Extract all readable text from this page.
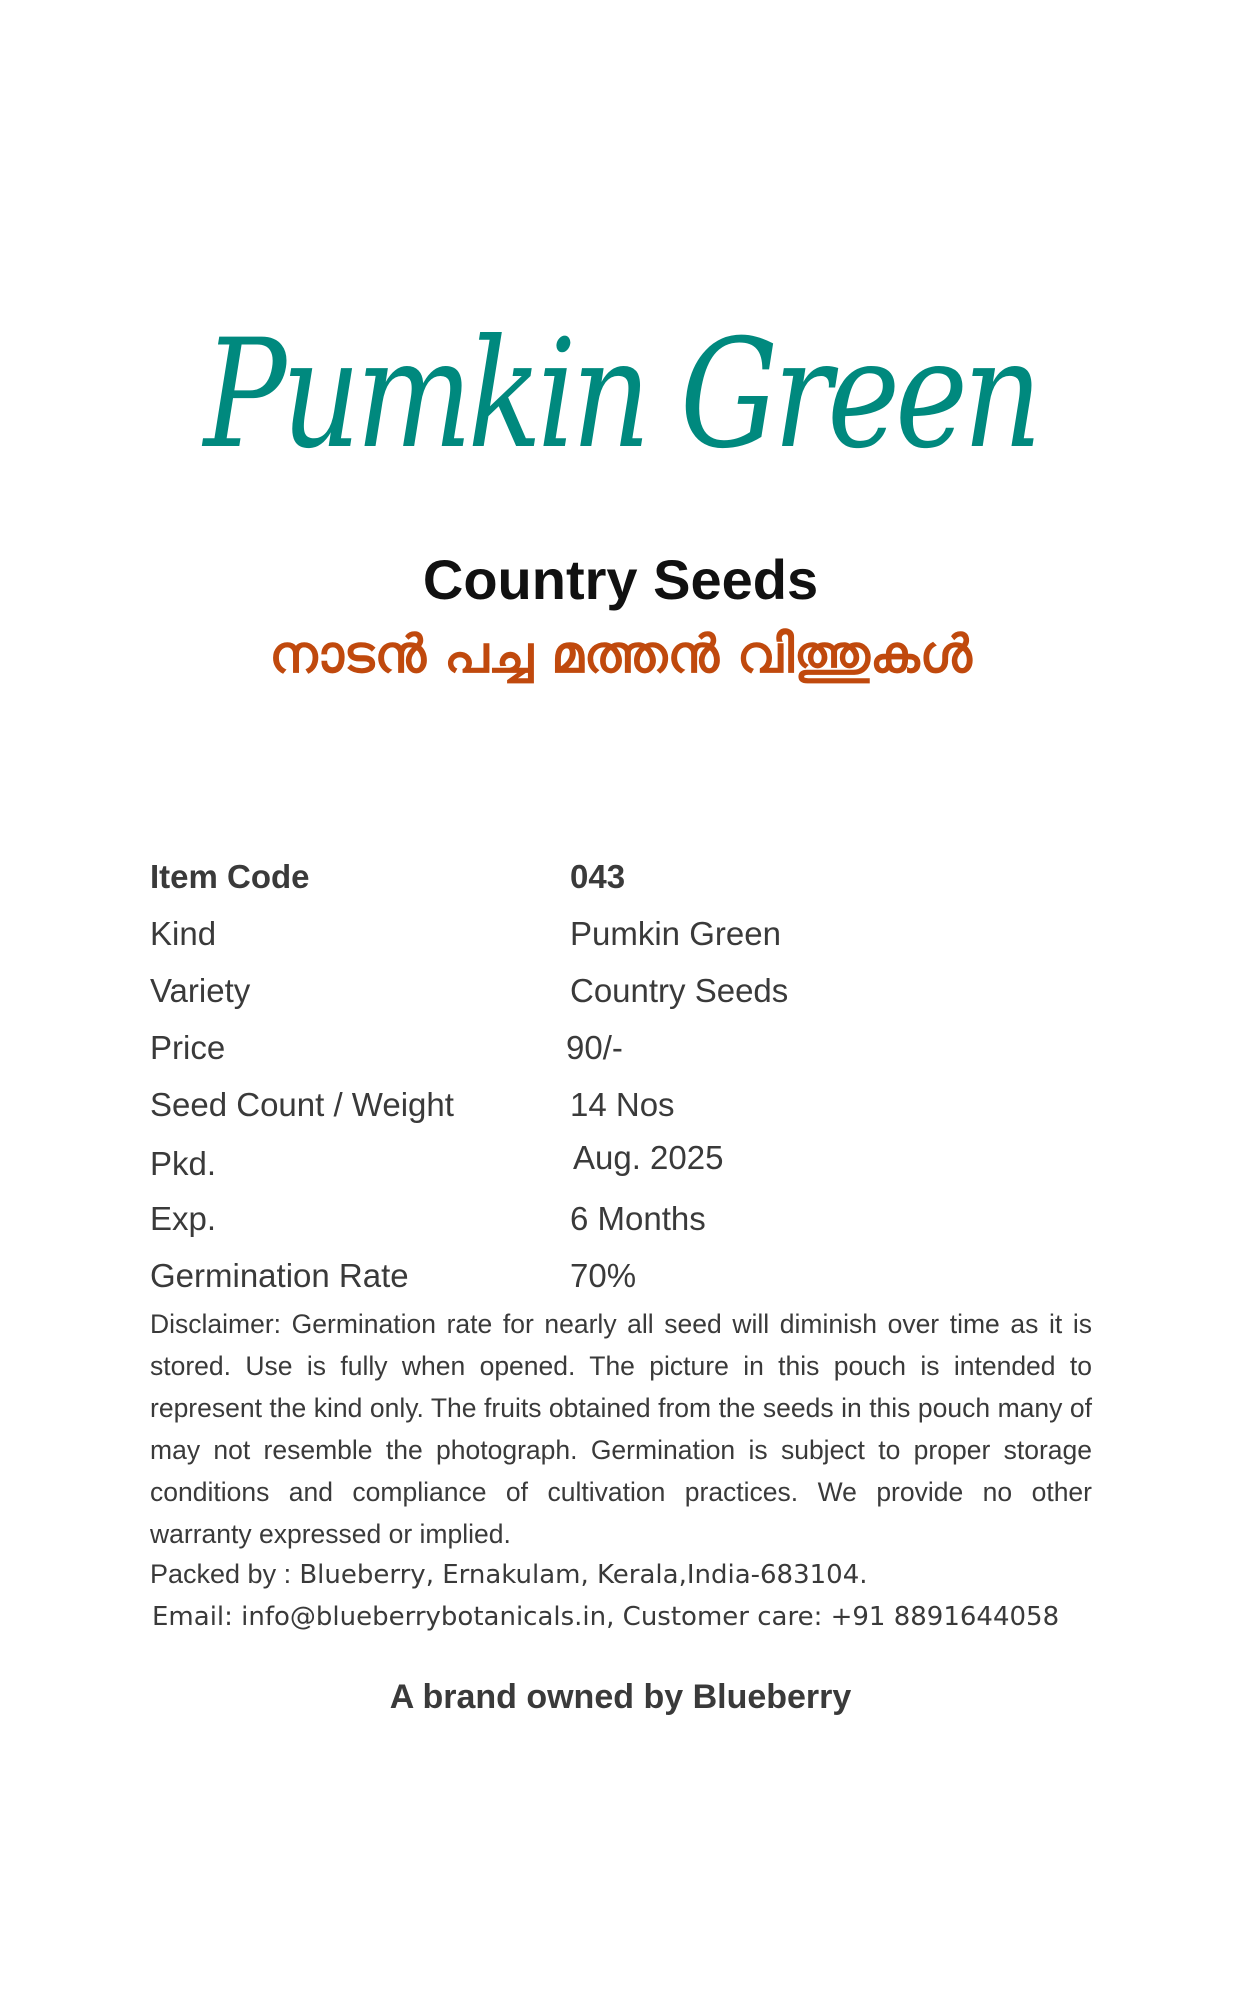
Pumkin Green
Country Seeds
നാടൻ പച്ച മത്തൻ വിത്തുകൾ
Item Code	043
Kind	Pumkin Green
Variety	Country Seeds
Price	90/-
Seed Count / Weight	14 Nos
Pkd.	Aug. 2025
Exp.	6 Months
Germination Rate	70%
Disclaimer: Germination rate for nearly all seed will diminish over time as it is stored. Use is fully when opened. The picture in this pouch is intended to represent the kind only. The fruits obtained from the seeds in this pouch many of may not resemble the photograph. Germination is subject to proper storage conditions and compliance of cultivation practices. We provide no other warranty expressed or implied.
Packed by : Blueberry, Ernakulam, Kerala,India-683104.
Email: info@blueberrybotanicals.in, Customer care: +91 8891644058
A brand owned by Blueberry
